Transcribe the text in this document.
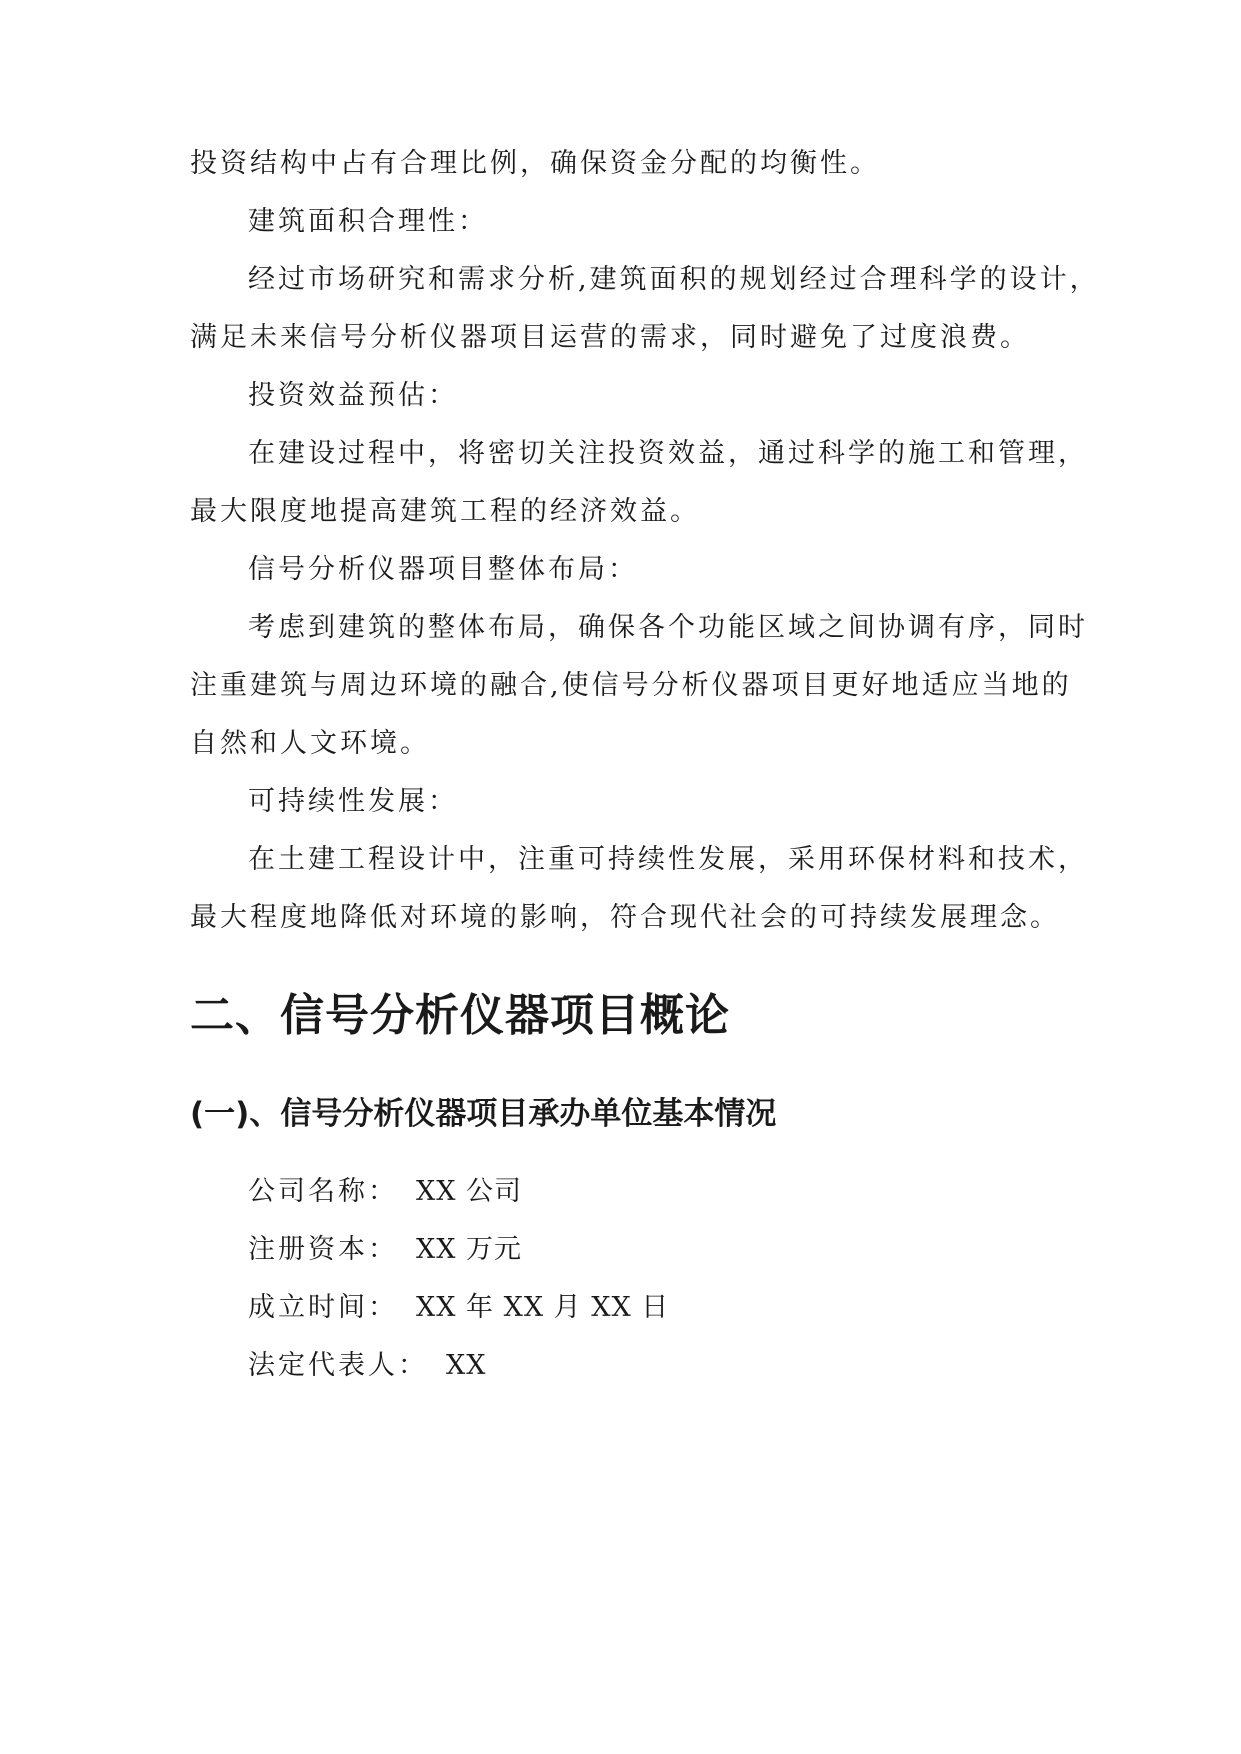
投资结构中占有合理比例，确保资金分配的均衡性。
建筑面积合理性：
经过市场研究和需求分析,建筑面积的规划经过合理科学的设计，
满足未来信号分析仪器项目运营的需求，同时避免了过度浪费。
投资效益预估：
在建设过程中，将密切关注投资效益，通过科学的施工和管理，
最大限度地提高建筑工程的经济效益。
信号分析仪器项目整体布局：
考虑到建筑的整体布局，确保各个功能区域之间协调有序，同时
注重建筑与周边环境的融合,使信号分析仪器项目更好地适应当地的
自然和人文环境。
可持续性发展：
在土建工程设计中，注重可持续性发展，采用环保材料和技术，
最大程度地降低对环境的影响，符合现代社会的可持续发展理念。
二、信号分析仪器项目概论
(一)、信号分析仪器项目承办单位基本情况
公司名称： XX 公司
注册资本： XX 万元
成立时间： XX 年 XX 月 XX 日
法定代表人： XX
